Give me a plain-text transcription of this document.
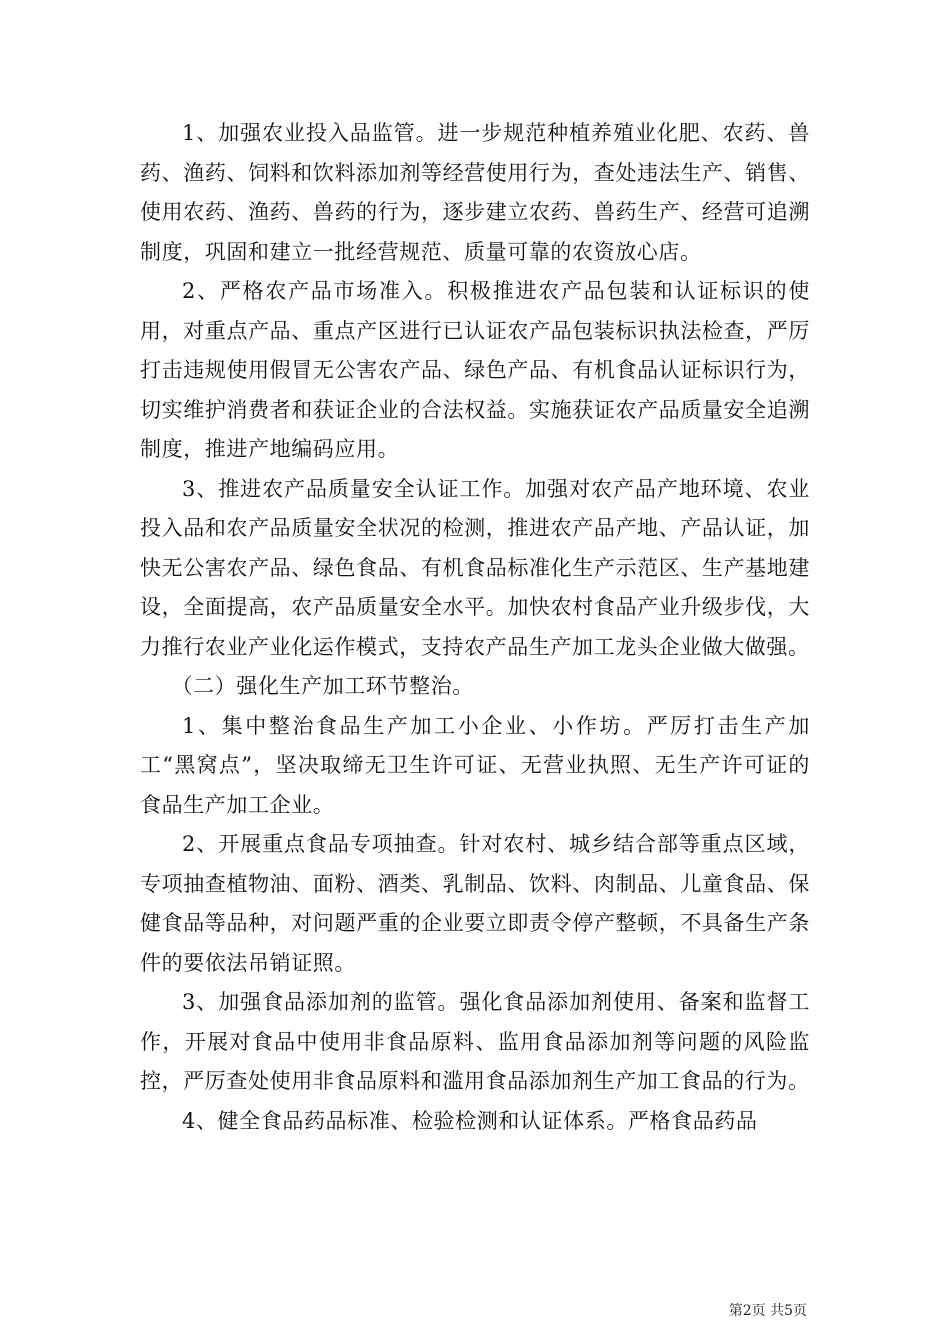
1、加强农业投入品监管。进一步规范种植养殖业化肥、农药、兽药、渔药、饲料和饮料添加剂等经营使用行为，查处违法生产、销售、使用农药、渔药、兽药的行为，逐步建立农药、兽药生产、经营可追溯制度，巩固和建立一批经营规范、质量可靠的农资放心店。

2、严格农产品市场准入。积极推进农产品包装和认证标识的使用，对重点产品、重点产区进行已认证农产品包装标识执法检查，严厉打击违规使用假冒无公害农产品、绿色产品、有机食品认证标识行为，切实维护消费者和获证企业的合法权益。实施获证农产品质量安全追溯制度，推进产地编码应用。

3、推进农产品质量安全认证工作。加强对农产品产地环境、农业投入品和农产品质量安全状况的检测，推进农产品产地、产品认证，加快无公害农产品、绿色食品、有机食品标准化生产示范区、生产基地建设，全面提高，农产品质量安全水平。加快农村食品产业升级步伐，大力推行农业产业化运作模式，支持农产品生产加工龙头企业做大做强。

（二）强化生产加工环节整治。

1、集中整治食品生产加工小企业、小作坊。严厉打击生产加工“黑窝点”，坚决取缔无卫生许可证、无营业执照、无生产许可证的食品生产加工企业。

2、开展重点食品专项抽查。针对农村、城乡结合部等重点区域，专项抽查植物油、面粉、酒类、乳制品、饮料、肉制品、儿童食品、保健食品等品种，对问题严重的企业要立即责令停产整顿，不具备生产条件的要依法吊销证照。

3、加强食品添加剂的监管。强化食品添加剂使用、备案和监督工作，开展对食品中使用非食品原料、监用食品添加剂等问题的风险监控，严厉查处使用非食品原料和滥用食品添加剂生产加工食品的行为。

4、健全食品药品标准、检验检测和认证体系。严格食品药品

第2页 共5页
